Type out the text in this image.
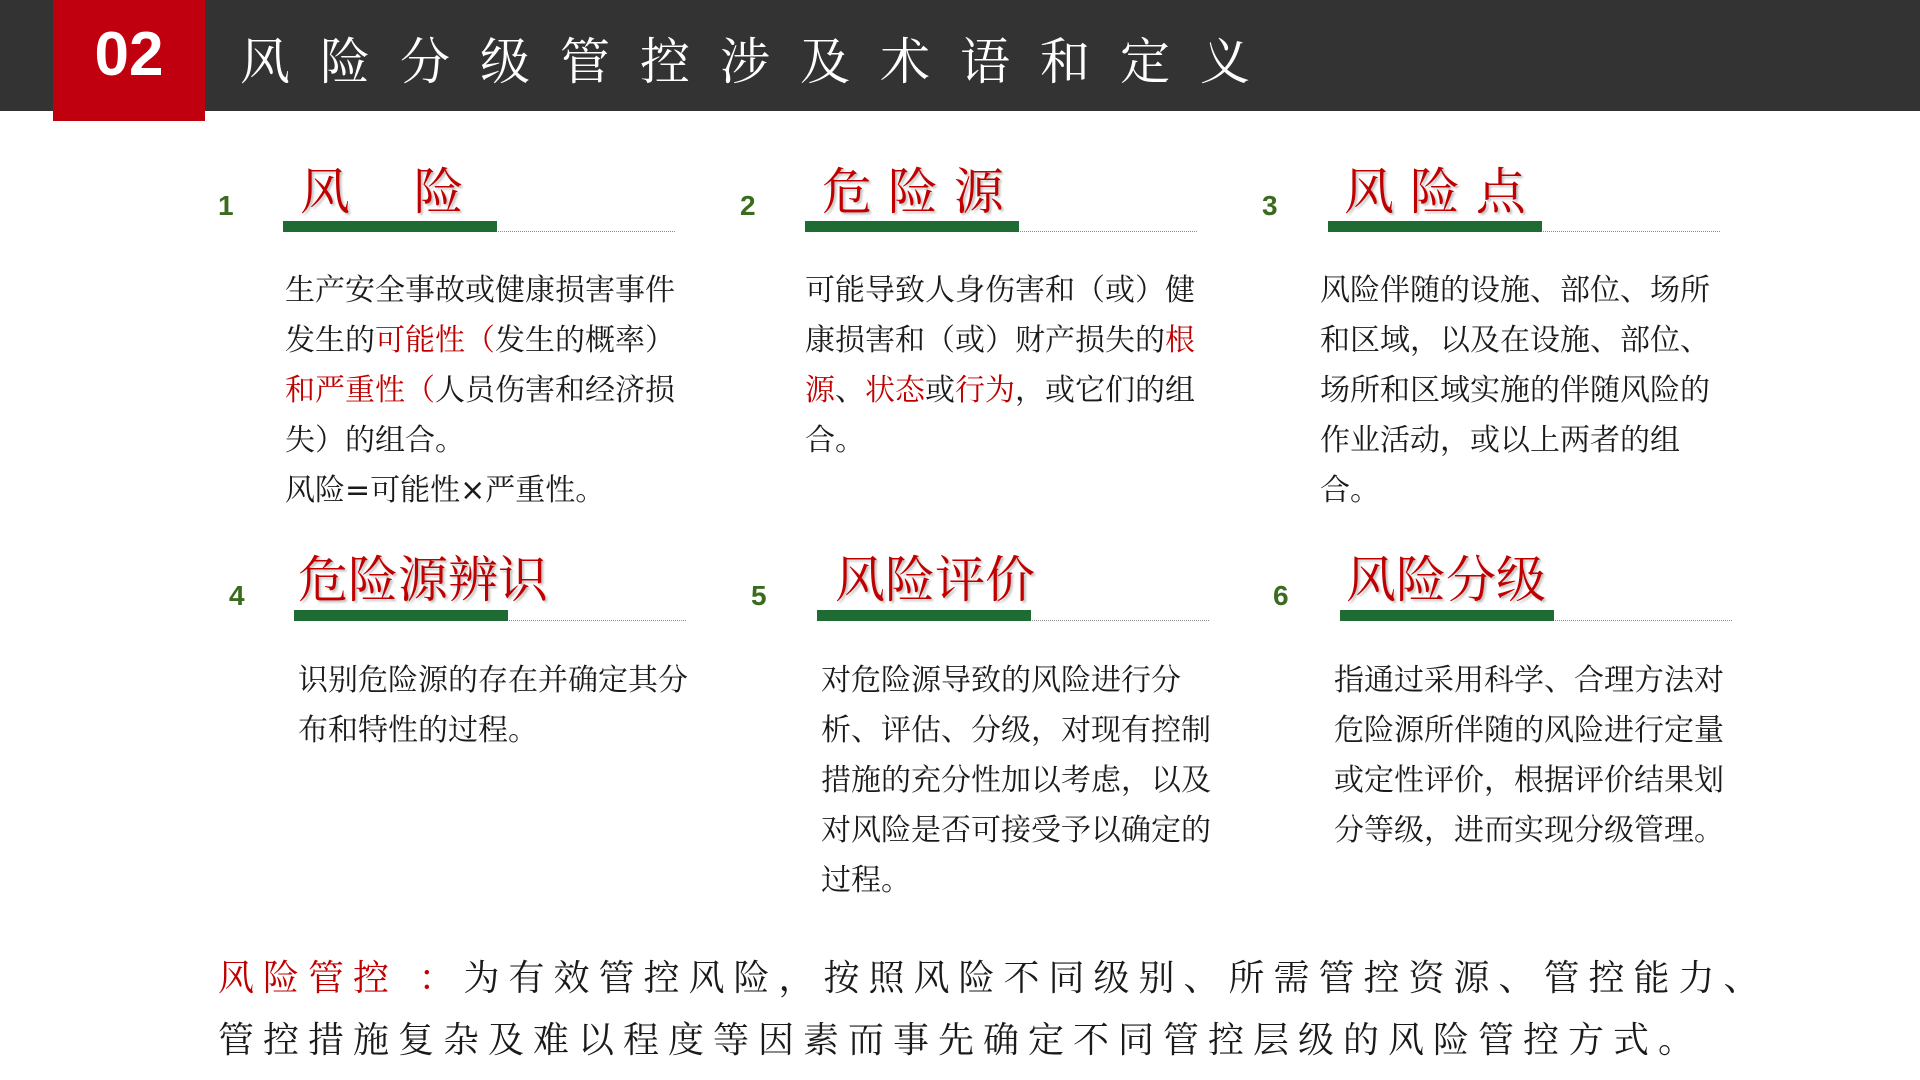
02 风险分级管控涉及术语和定义
1 风    险
生产安全事故或健康损害事件发生的可能性（发生的概率）和严重性（人员伤害和经济损失）的组合。
风险=可能性×严重性。
2 危 险 源
可能导致人身伤害和（或）健康损害和（或）财产损失的根源、状态或行为，或它们的组合。
3 风 险 点
风险伴随的设施、部位、场所和区域，以及在设施、部位、场所和区域实施的伴随风险的作业活动，或以上两者的组合。
4 危险源辨识
识别危险源的存在并确定其分布和特性的过程。
5 风险评价
对危险源导致的风险进行分析、评估、分级，对现有控制措施的充分性加以考虑，以及对风险是否可接受予以确定的过程。
6 风险分级
指通过采用科学、合理方法对危险源所伴随的风险进行定量或定性评价，根据评价结果划分等级，进而实现分级管理。
风险管控 ：为有效管控风险，按照风险不同级别、所需管控资源、管控能力、管控措施复杂及难以程度等因素而事先确定不同管控层级的风险管控方式。
